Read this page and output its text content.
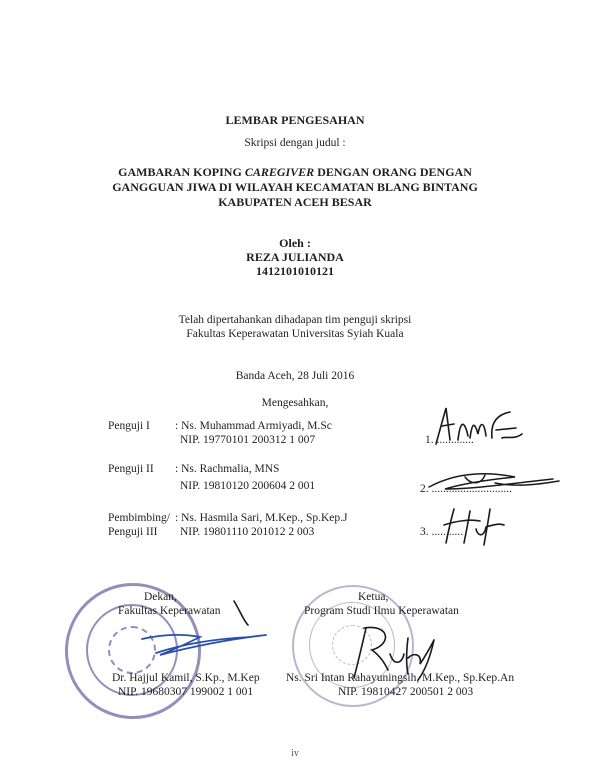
LEMBAR PENGESAHAN
Skripsi dengan judul :
GAMBARAN KOPING CAREGIVER DENGAN ORANG DENGAN
GANGGUAN JIWA DI WILAYAH KECAMATAN BLANG BINTANG
KABUPATEN ACEH BESAR
Oleh :
REZA JULIANDA
1412101010121
Telah dipertahankan dihadapan tim penguji skripsi
Fakultas Keperawatan Universitas Syiah Kuala
Banda Aceh, 28 Juli 2016
Mengesahkan,
Penguji I : Ns. Muhammad Armiyadi, M.Sc
NIP. 19770101 200312 1 007	1. .............
Penguji II : Ns. Rachmalia, MNS
NIP. 19810120 200604 2 001	2. ............................
Pembimbing/
Penguji III
: Ns. Hasmila Sari, M.Kep., Sp.Kep.J
NIP. 19801110 201012 2 003	3. ...........
Dekan,
Fakultas Keperawatan
Dr. Hajjul Kamil, S.Kp., M.Kep
NIP. 19680307 199002 1 001
Ketua,
Program Studi Ilmu Keperawatan
Ns. Sri Intan Rahayuningsih, M.Kep., Sp.Kep.An
NIP. 19810427 200501 2 003
iv
